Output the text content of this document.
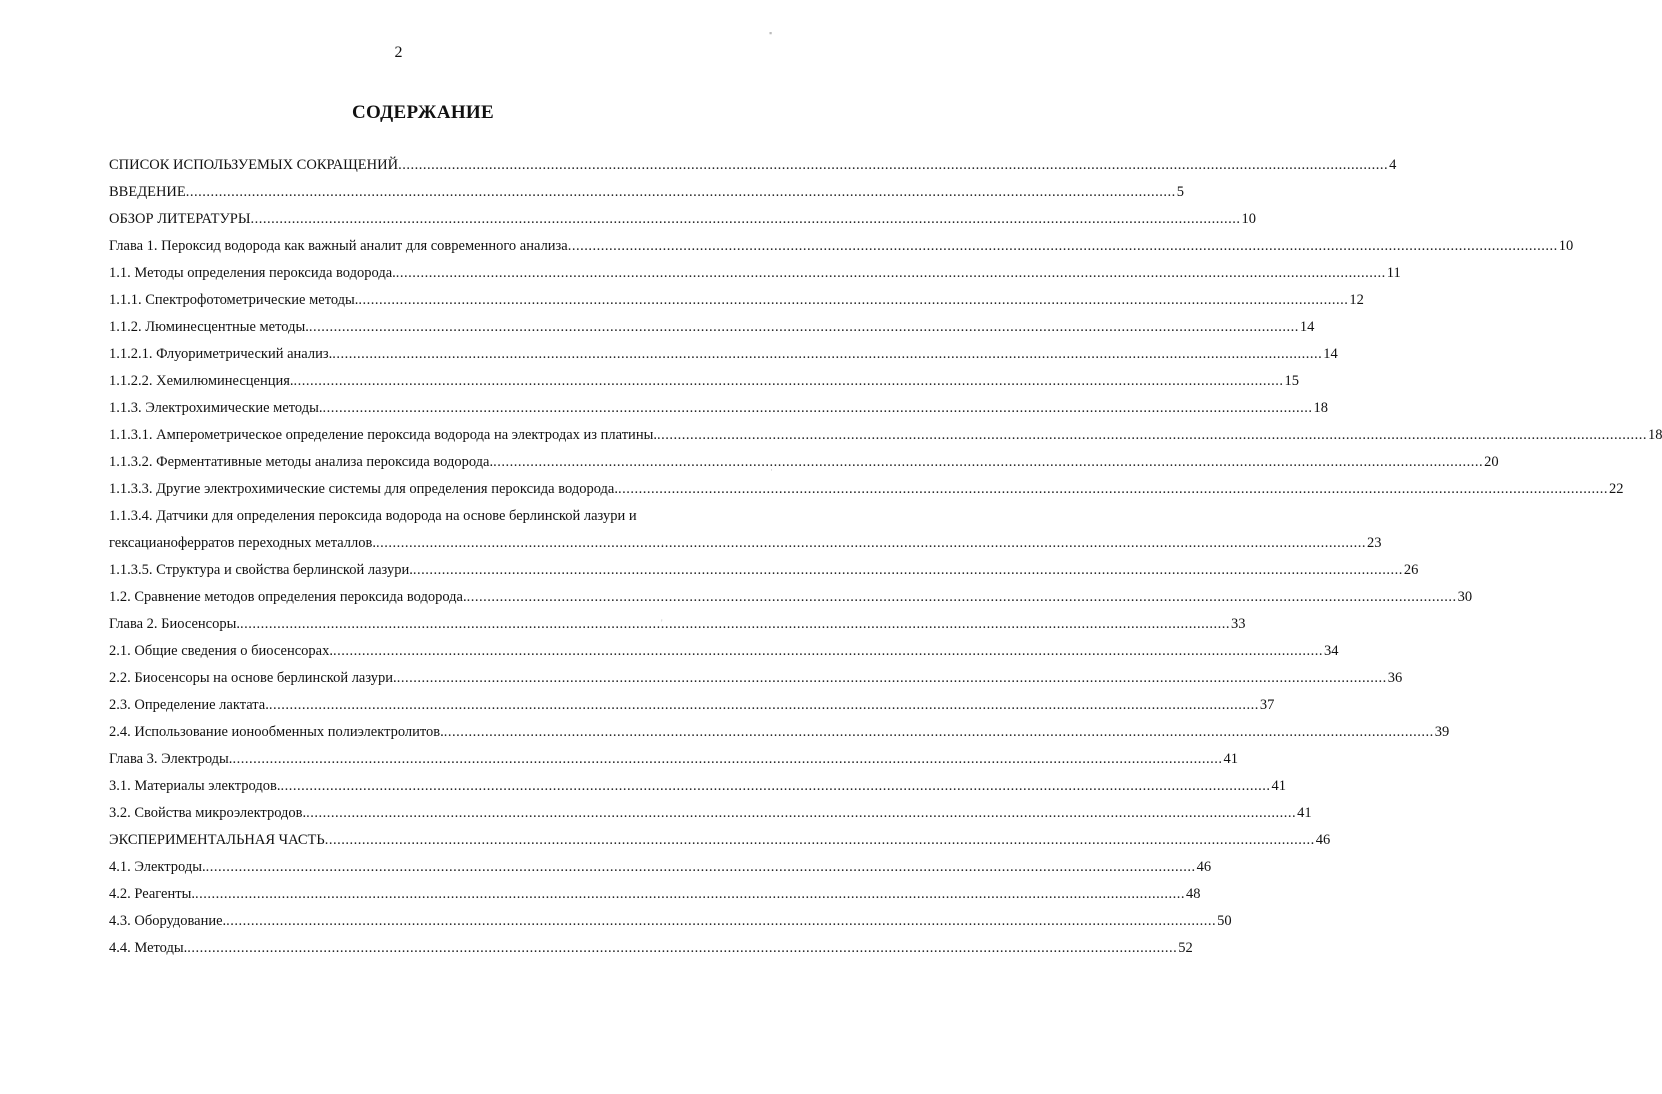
2
СОДЕРЖАНИЕ
СПИСОК ИСПОЛЬЗУЕМЫХ СОКРАЩЕНИЙ .....	4
ВВЕДЕНИЕ .....	5
ОБЗОР ЛИТЕРАТУРЫ .....	10
Глава 1. Пероксид водорода как важный аналит для современного анализа .....	10
1.1. Методы определения пероксида водорода. .....	11
1.1.1. Спектрофотометрические методы. .....	12
1.1.2. Люминесцентные методы. .....	14
1.1.2.1. Флуориметрический анализ. .....	14
1.1.2.2. Хемилюминесценция. .....	15
1.1.3. Электрохимические методы. .....	18
1.1.3.1. Амперометрическое определение пероксида водорода на электродах из платины. .....	18
1.1.3.2. Ферментативные методы анализа пероксида водорода. .....	20
1.1.3.3. Другие электрохимические системы для определения пероксида водорода. .....	22
1.1.3.4. Датчики для определения пероксида водорода на основе берлинской лазури и
гексацианоферратов переходных металлов. .....	23
1.1.3.5. Структура и свойства берлинской лазури. .....	26
1.2. Сравнение методов определения пероксида водорода. .....	30
Глава 2. Биосенсоры. .....	33
2.1. Общие сведения о биосенсорах. .....	34
2.2. Биосенсоры на основе берлинской лазури. .....	36
2.3. Определение лактата. .....	37
2.4. Использование ионообменных полиэлектролитов. .....	39
Глава 3. Электроды. .....	41
3.1. Материалы электродов. .....	41
3.2. Свойства микроэлектродов. .....	41
ЭКСПЕРИМЕНТАЛЬНАЯ ЧАСТЬ .....	46
4.1. Электроды. .....	46
4.2. Реагенты. .....	48
4.3. Оборудование. .....	50
4.4. Методы. .....	52
▪
·
·
'
